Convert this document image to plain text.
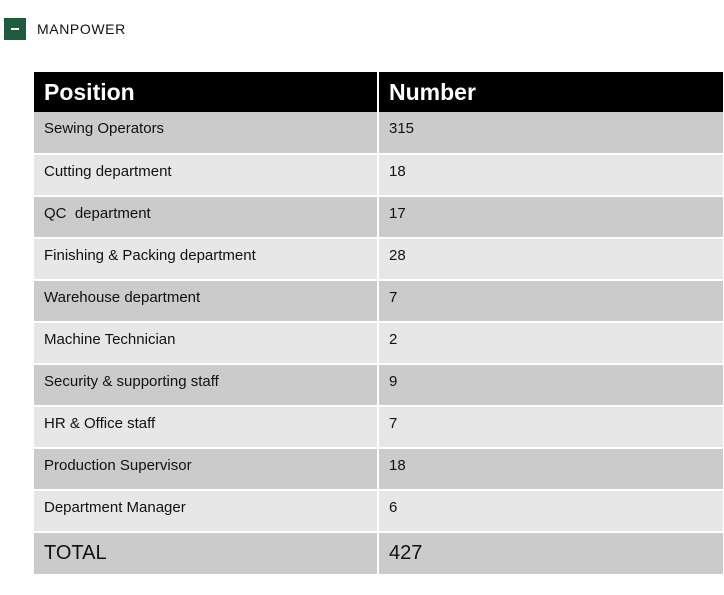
MANPOWER
Position	Number
Sewing Operators	315
Cutting department	18
QC  department	17
Finishing & Packing department	28
Warehouse department	7
Machine Technician	2
Security & supporting staff	9
HR & Office staff	7
Production Supervisor	18
Department Manager	6
TOTAL	427
